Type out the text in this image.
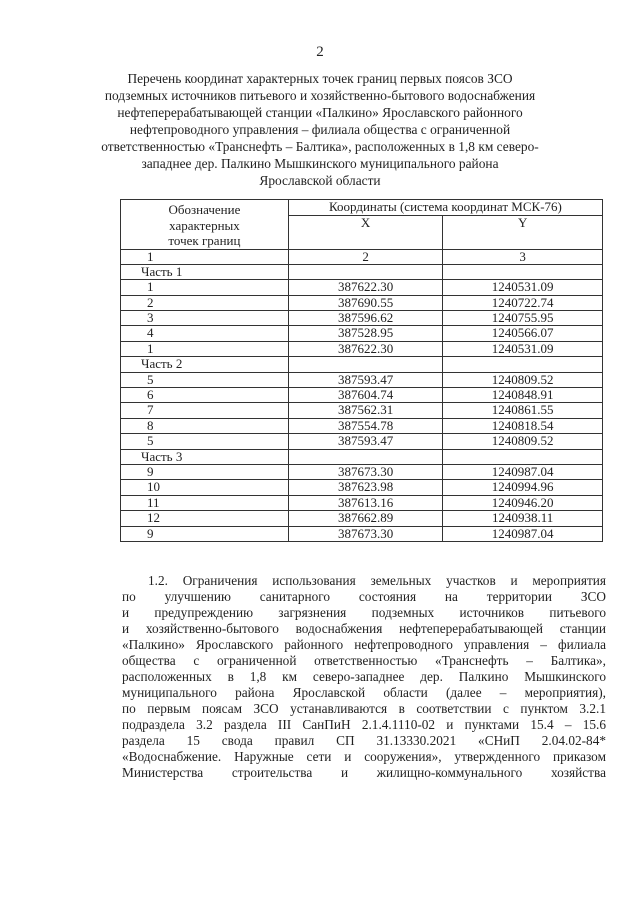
2
Перечень координат характерных точек границ первых поясов ЗСО
подземных источников питьевого и хозяйственно-бытового водоснабжения
нефтеперерабатывающей станции «Палкино» Ярославского районного
нефтепроводного управления – филиала общества с ограниченной
ответственностью «Транснефть – Балтика», расположенных в 1,8 км северо-
западнее дер. Палкино Мышкинского муниципального района
Ярославской области
Обозначение
характерных
точек границ	Координаты (система координат МСК-76)	
	X	Y
1	2	3
Часть 1		
1	387622.30	1240531.09
2	387690.55	1240722.74
3	387596.62	1240755.95
4	387528.95	1240566.07
1	387622.30	1240531.09
Часть 2		
5	387593.47	1240809.52
6	387604.74	1240848.91
7	387562.31	1240861.55
8	387554.78	1240818.54
5	387593.47	1240809.52
Часть 3		
9	387673.30	1240987.04
10	387623.98	1240994.96
11	387613.16	1240946.20
12	387662.89	1240938.11
9	387673.30	1240987.04
1.2. Ограничения использования земельных участков и мероприятия
по улучшению санитарного состояния на территории ЗСО
и предупреждению загрязнения подземных источников питьевого
и хозяйственно-бытового водоснабжения нефтеперерабатывающей станции
«Палкино» Ярославского районного нефтепроводного управления – филиала
общества с ограниченной ответственностью «Транснефть – Балтика»,
расположенных в 1,8 км северо-западнее дер. Палкино Мышкинского
муниципального района Ярославской области (далее – мероприятия),
по первым поясам ЗСО устанавливаются в соответствии с пунктом 3.2.1
подраздела 3.2 раздела III СанПиН 2.1.4.1110-02 и пунктами 15.4 – 15.6
раздела 15 свода правил СП 31.13330.2021 «СНиП 2.04.02-84*
«Водоснабжение. Наружные сети и сооружения», утвержденного приказом
Министерства строительства и жилищно-коммунального хозяйства
